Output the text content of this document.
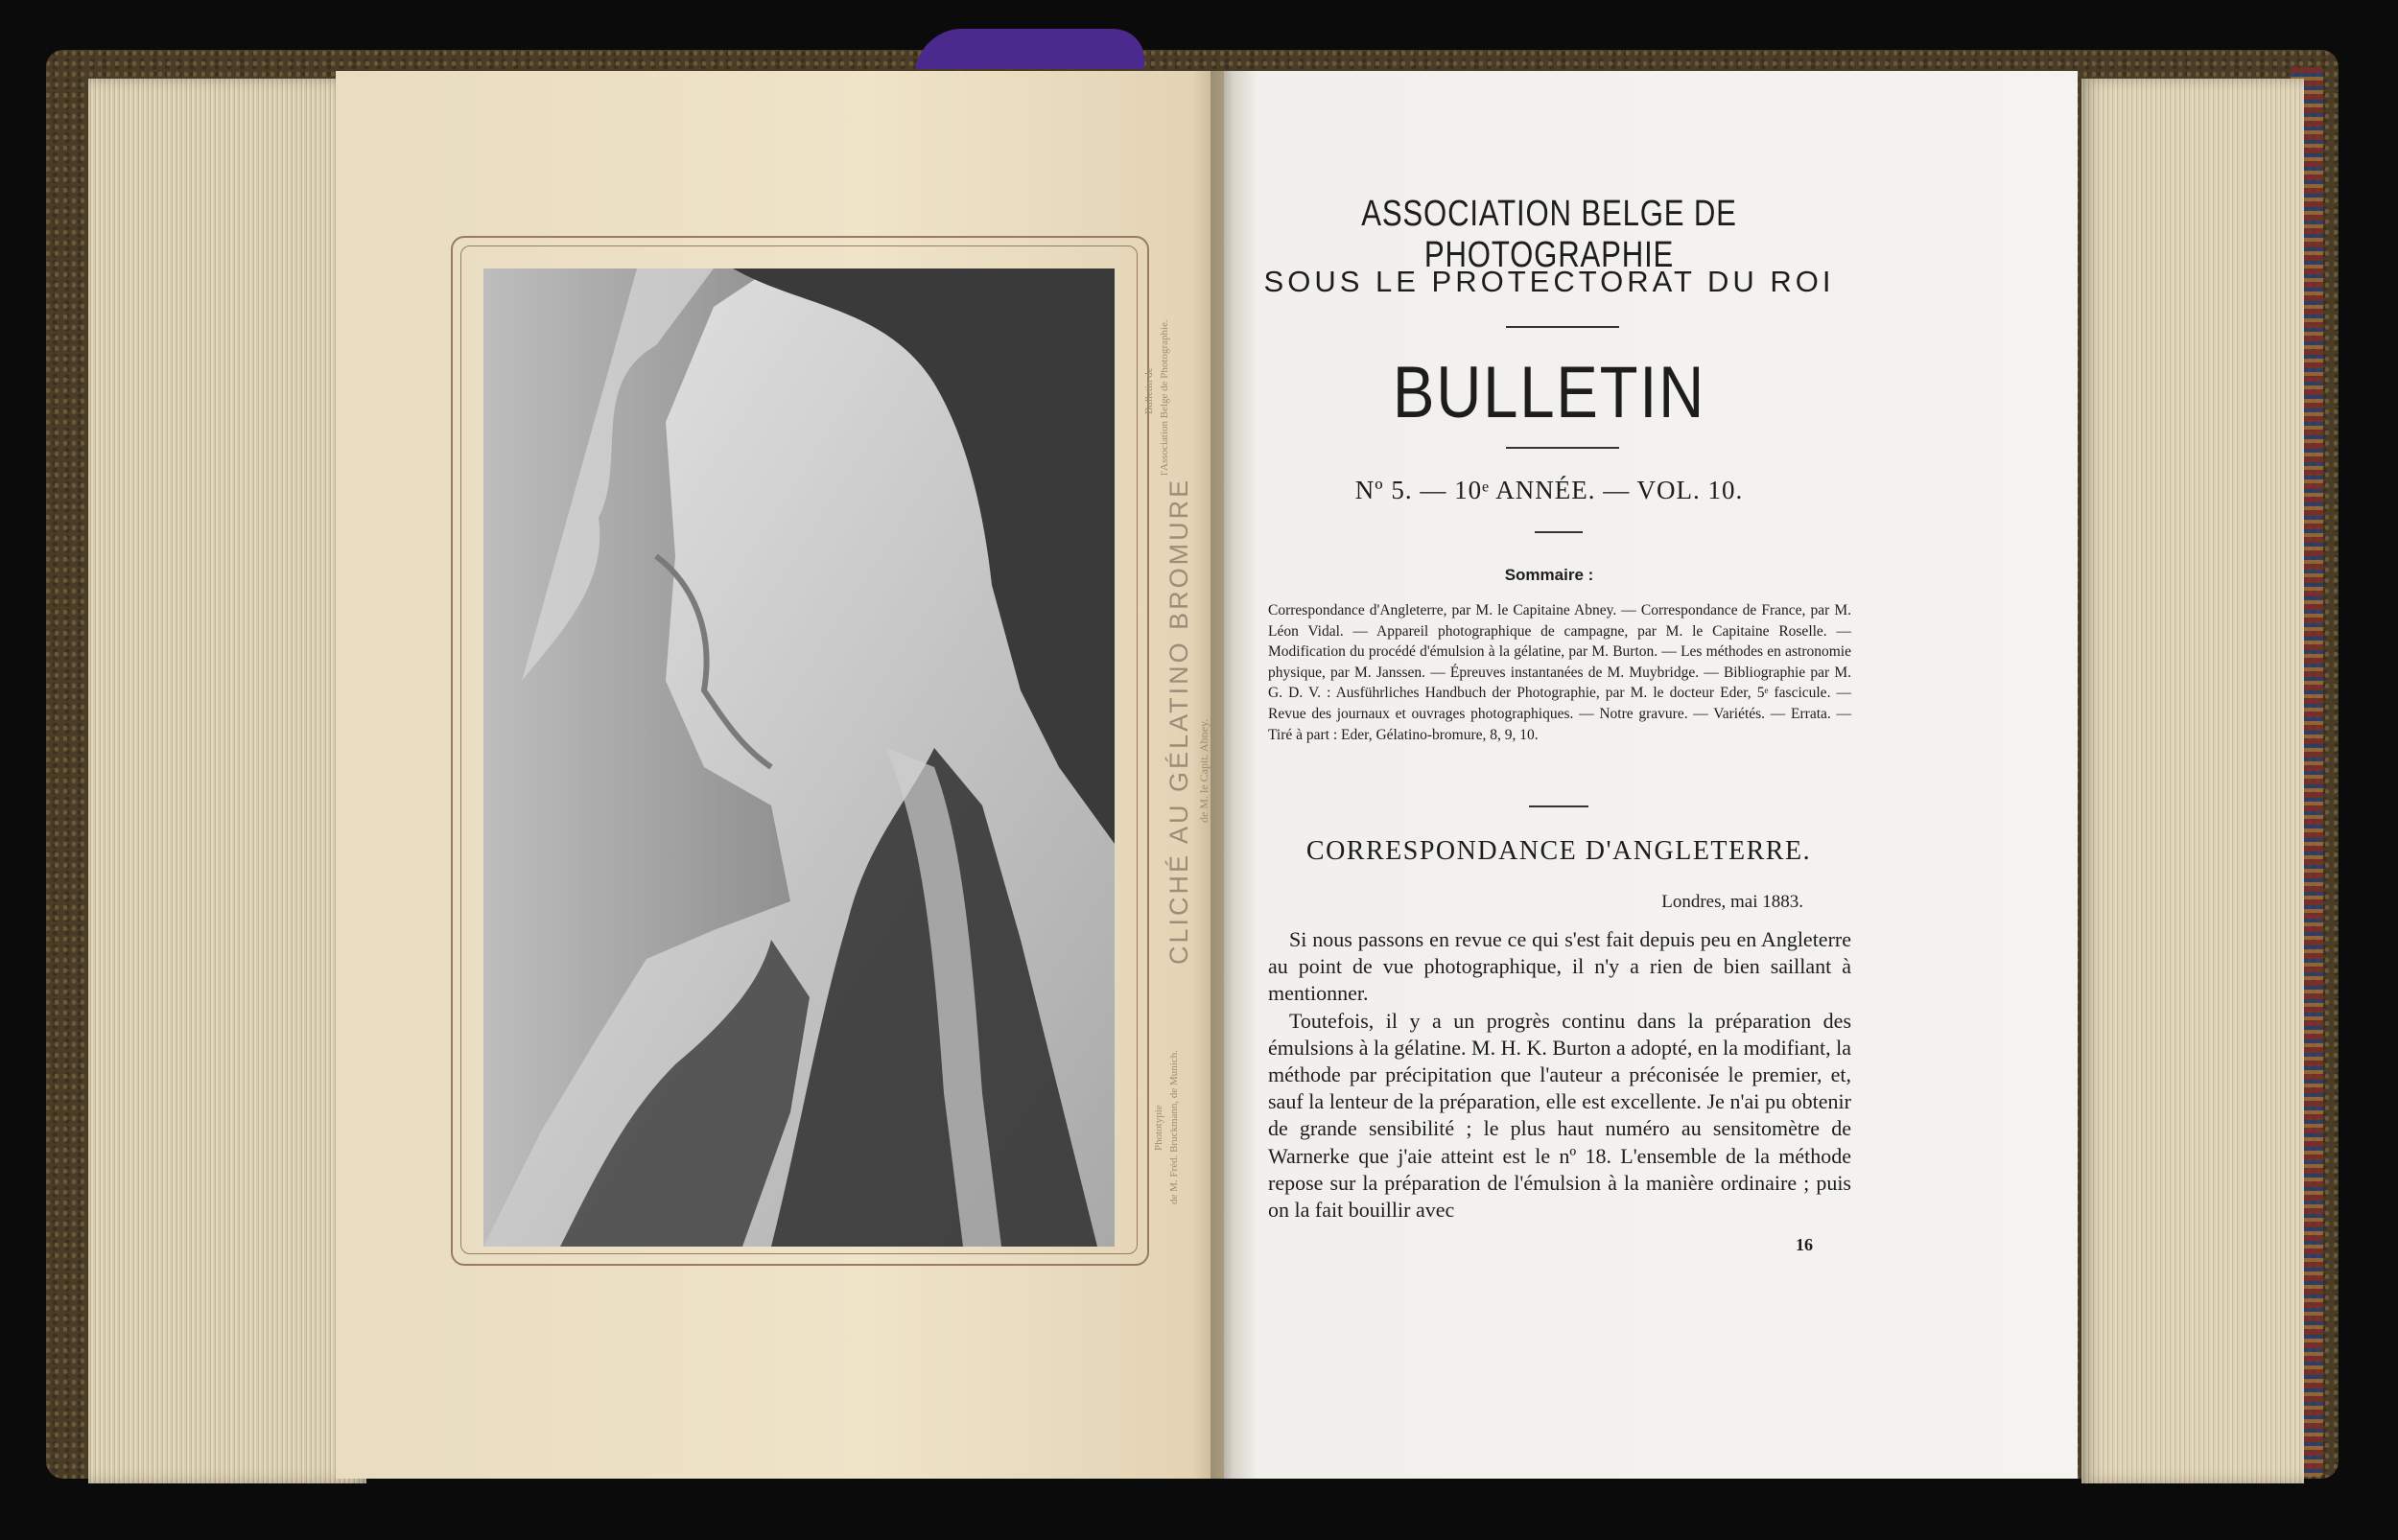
CLICHÉ AU GÉLATINO BROMURE de M. le Capit. Abney.
Bulletin de l'Association Belge de Photographie.
Phototypie de M. Fréd. Bruckmann, de Munich.
ASSOCIATION BELGE DE PHOTOGRAPHIE
SOUS LE PROTECTORAT DU ROI
BULLETIN
Nº 5. — 10ᵉ ANNÉE. — VOL. 10.
Sommaire :
Correspondance d'Angleterre, par M. le Capitaine Abney. — Correspondance de France, par M. Léon Vidal. — Appareil photographique de campagne, par M. le Capitaine Roselle. — Modification du procédé d'émulsion à la gélatine, par M. Burton. — Les méthodes en astronomie physique, par M. Janssen. — Épreuves instantanées de M. Muybridge. — Bibliographie par M. G. D. V. : Ausführliches Handbuch der Photographie, par M. le docteur Eder, 5ᵉ fascicule. — Revue des journaux et ouvrages photographiques. — Notre gravure. — Variétés. — Errata. — Tiré à part : Eder, Gélatino-bromure, 8, 9, 10.
CORRESPONDANCE D'ANGLETERRE.
Londres, mai 1883.

Si nous passons en revue ce qui s'est fait depuis peu en Angleterre au point de vue photographique, il n'y a rien de bien saillant à mentionner.

Toutefois, il y a un progrès continu dans la préparation des émulsions à la gélatine. M. H. K. Burton a adopté, en la modifiant, la méthode par précipitation que l'auteur a préconisée le premier, et, sauf la lenteur de la préparation, elle est excellente. Je n'ai pu obtenir de grande sensibilité ; le plus haut numéro au sensitomètre de Warnerke que j'aie atteint est le nº 18. L'ensemble de la méthode repose sur la préparation de l'émulsion à la manière ordinaire ; puis on la fait bouillir avec

16
